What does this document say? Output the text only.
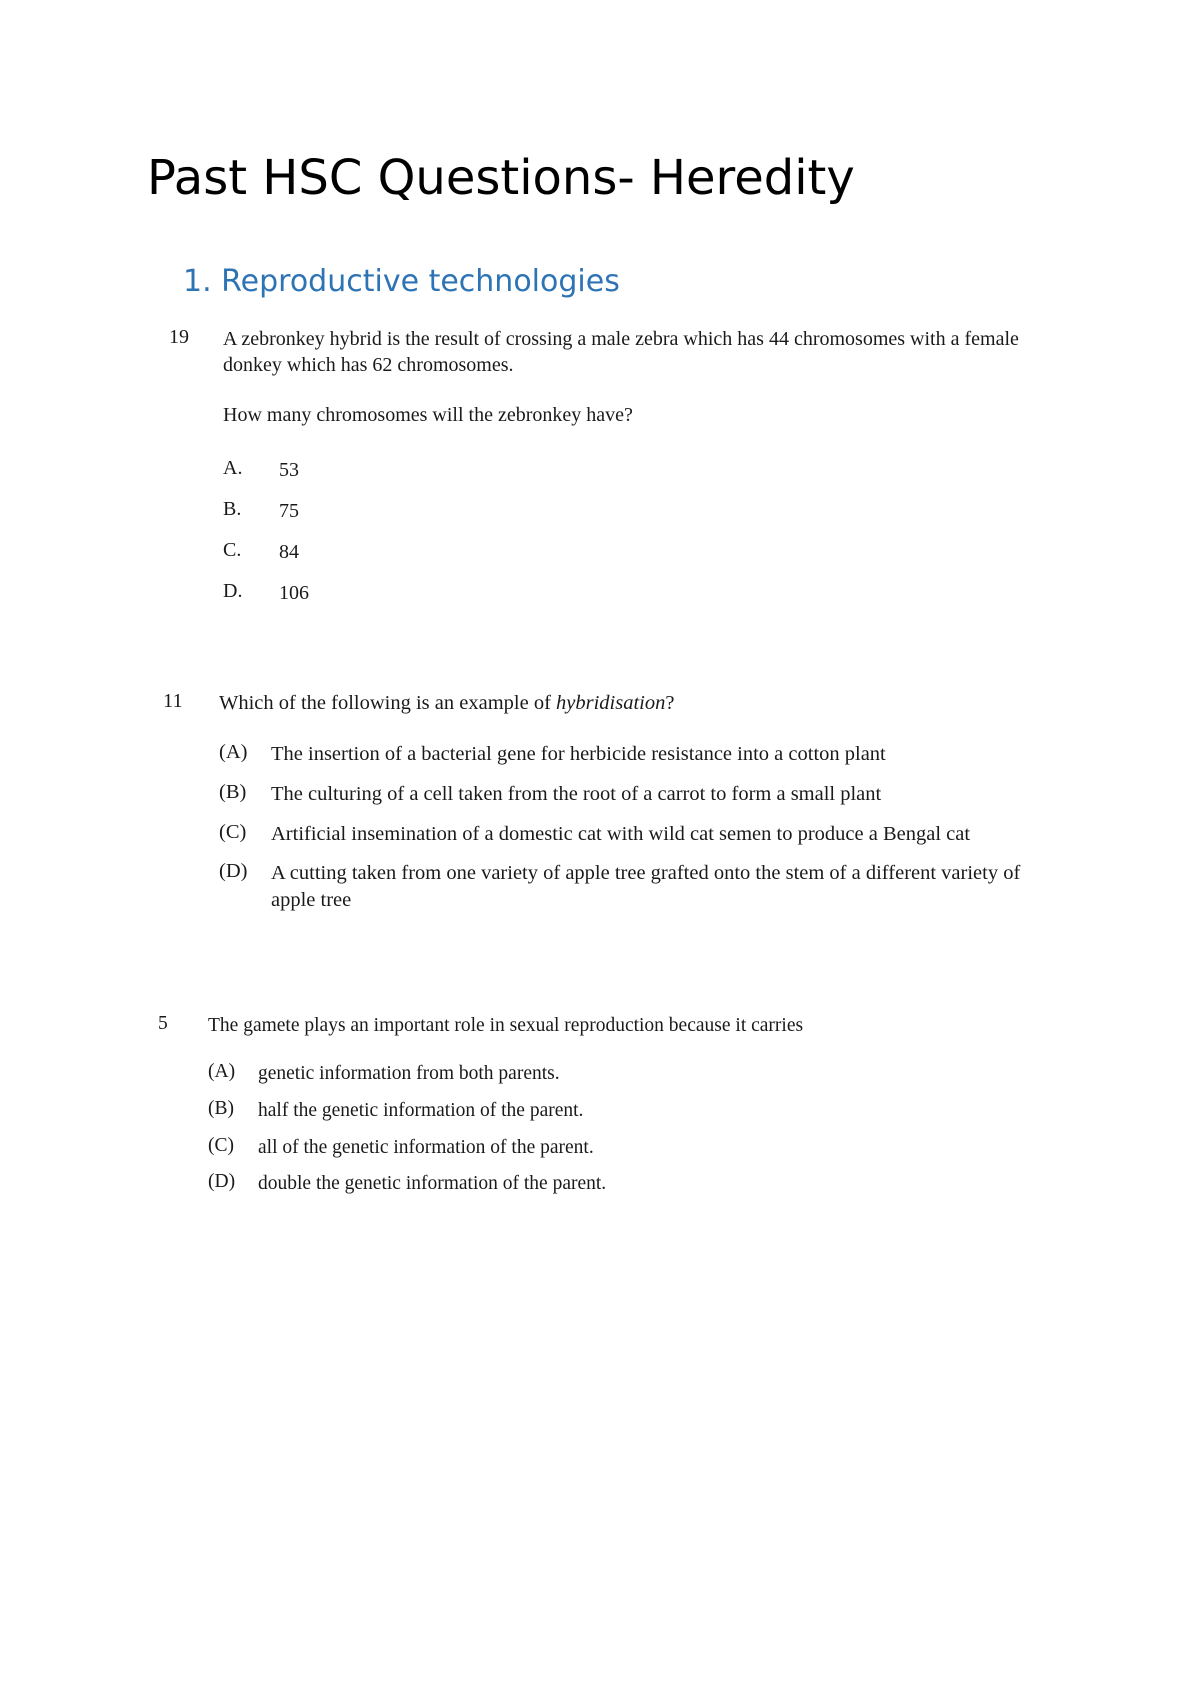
Past HSC Questions- Heredity
1. Reproductive technologies
19 A zebronkey hybrid is the result of crossing a male zebra which has 44 chromosomes with a female donkey which has 62 chromosomes.
How many chromosomes will the zebronkey have?
A. 53
B. 75
C. 84
D. 106
11 Which of the following is an example of hybridisation?
(A) The insertion of a bacterial gene for herbicide resistance into a cotton plant
(B) The culturing of a cell taken from the root of a carrot to form a small plant
(C) Artificial insemination of a domestic cat with wild cat semen to produce a Bengal cat
(D) A cutting taken from one variety of apple tree grafted onto the stem of a different variety of apple tree
5 The gamete plays an important role in sexual reproduction because it carries
(A) genetic information from both parents.
(B) half the genetic information of the parent.
(C) all of the genetic information of the parent.
(D) double the genetic information of the parent.
